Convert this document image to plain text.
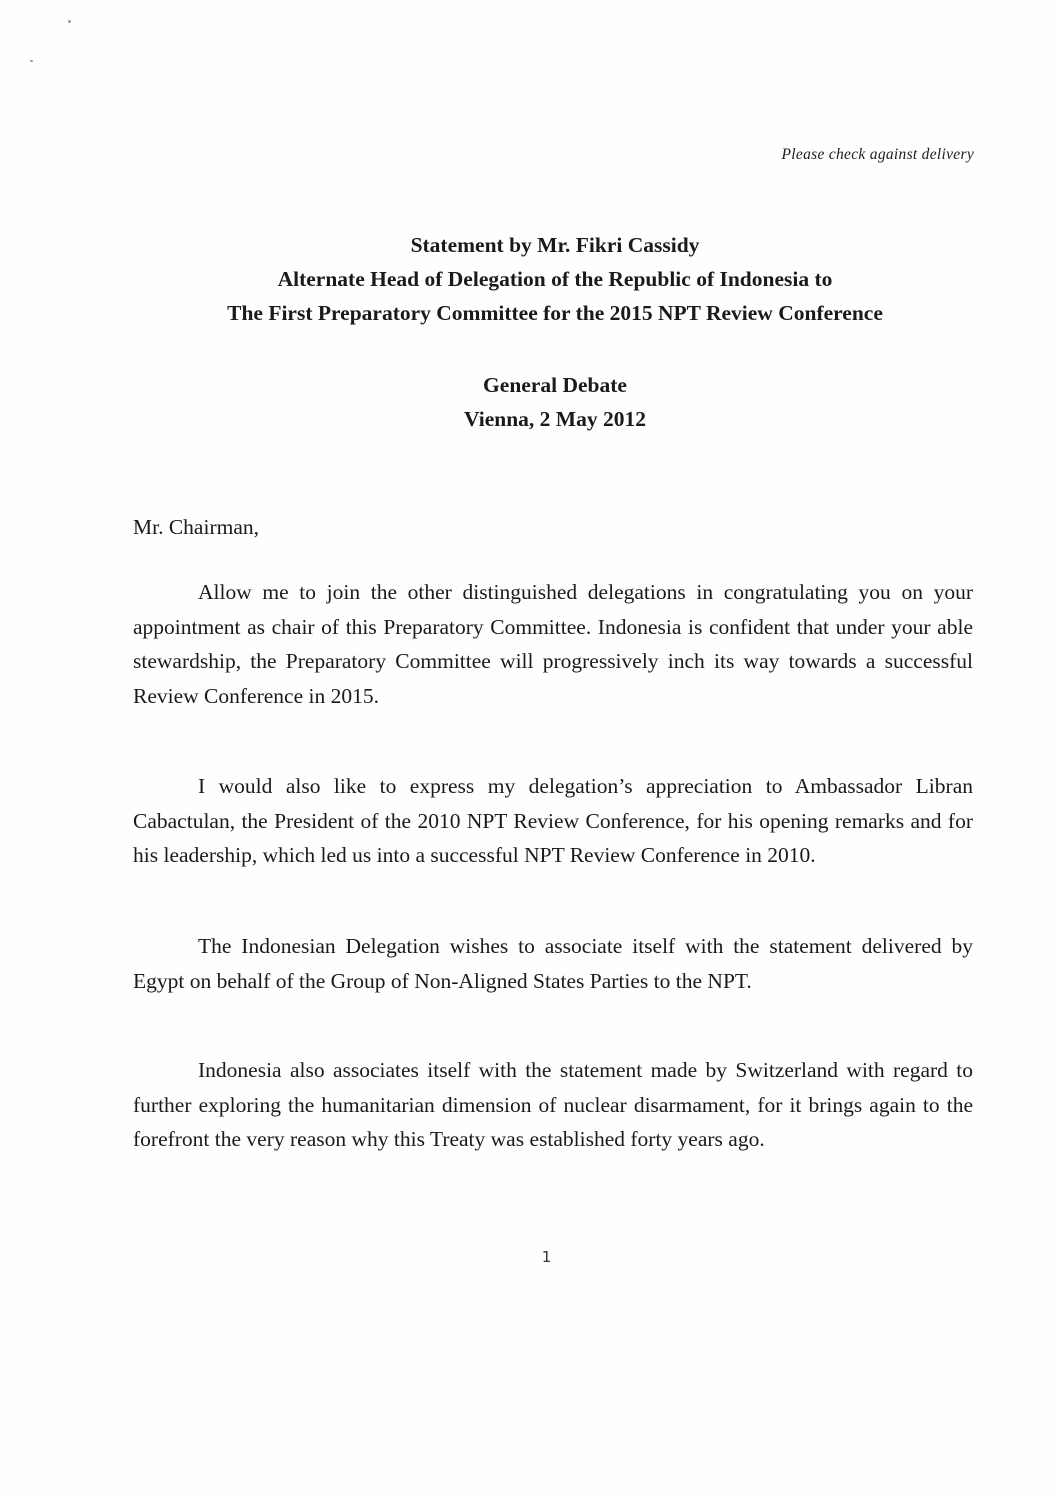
Please check against delivery
Statement by Mr. Fikri Cassidy
Alternate Head of Delegation of the Republic of Indonesia to
The First Preparatory Committee for the 2015 NPT Review Conference
General Debate
Vienna, 2 May 2012
Mr. Chairman,

Allow me to join the other distinguished delegations in congratulating you on your appointment as chair of this Preparatory Committee. Indonesia is confident that under your able stewardship, the Preparatory Committee will progressively inch its way towards a successful Review Conference in 2015.

I would also like to express my delegation’s appreciation to Ambassador Libran Cabactulan, the President of the 2010 NPT Review Conference, for his opening remarks and for his leadership, which led us into a successful NPT Review Conference in 2010.

The Indonesian Delegation wishes to associate itself with the statement delivered by Egypt on behalf of the Group of Non-Aligned States Parties to the NPT.

Indonesia also associates itself with the statement made by Switzerland with regard to further exploring the humanitarian dimension of nuclear disarmament, for it brings again to the forefront the very reason why this Treaty was established forty years ago.

1
